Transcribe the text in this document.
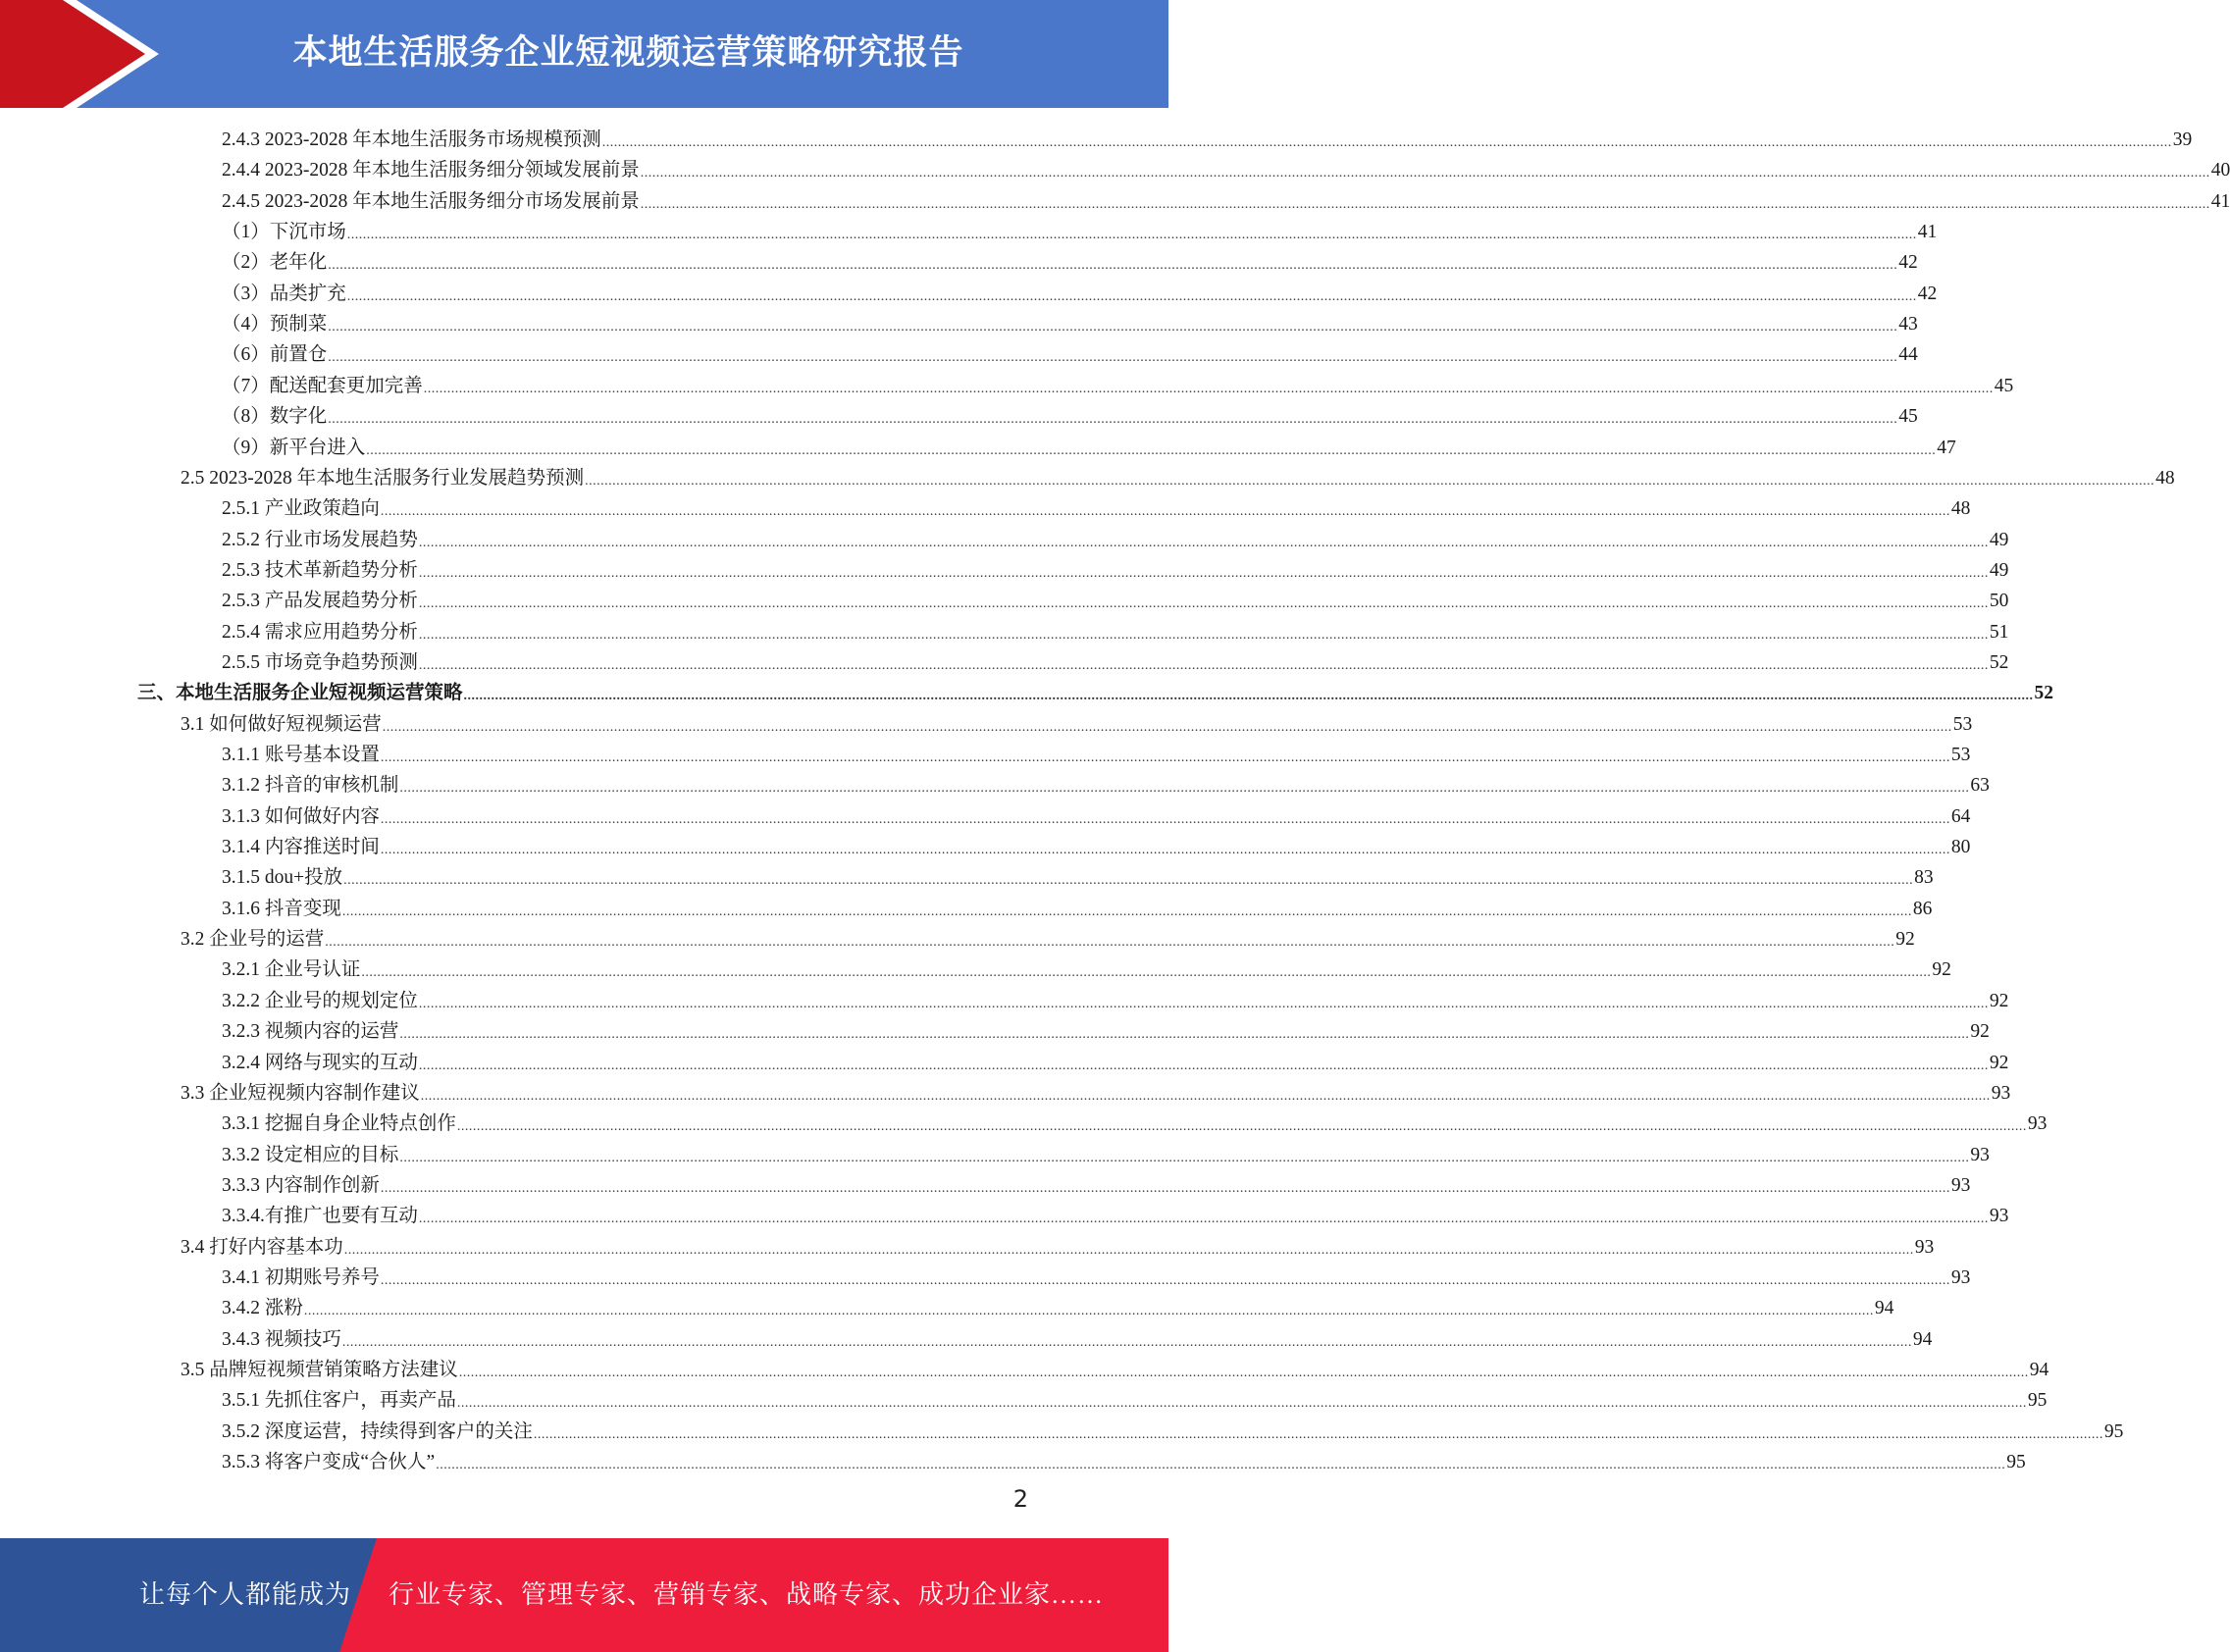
本地生活服务企业短视频运营策略研究报告
2.4.3 2023-2028 年本地生活服务市场规模预测 ................................................................................................................................................................................................................................................................................................................................................................................................................ 39
2.4.4 2023-2028 年本地生活服务细分领域发展前景 ................................................................................................................................................................................................................................................................................................................................................................................................................ 40
2.4.5 2023-2028 年本地生活服务细分市场发展前景 ................................................................................................................................................................................................................................................................................................................................................................................................................ 41
（1）下沉市场 ................................................................................................................................................................................................................................................................................................................................................................................................................ 41
（2）老年化 ................................................................................................................................................................................................................................................................................................................................................................................................................ 42
（3）品类扩充 ................................................................................................................................................................................................................................................................................................................................................................................................................ 42
（4）预制菜 ................................................................................................................................................................................................................................................................................................................................................................................................................ 43
（6）前置仓 ................................................................................................................................................................................................................................................................................................................................................................................................................ 44
（7）配送配套更加完善 ................................................................................................................................................................................................................................................................................................................................................................................................................ 45
（8）数字化 ................................................................................................................................................................................................................................................................................................................................................................................................................ 45
（9）新平台进入 ................................................................................................................................................................................................................................................................................................................................................................................................................ 47
2.5 2023-2028 年本地生活服务行业发展趋势预测 ................................................................................................................................................................................................................................................................................................................................................................................................................ 48
2.5.1 产业政策趋向 ................................................................................................................................................................................................................................................................................................................................................................................................................ 48
2.5.2 行业市场发展趋势 ................................................................................................................................................................................................................................................................................................................................................................................................................ 49
2.5.3 技术革新趋势分析 ................................................................................................................................................................................................................................................................................................................................................................................................................ 49
2.5.3 产品发展趋势分析 ................................................................................................................................................................................................................................................................................................................................................................................................................ 50
2.5.4 需求应用趋势分析 ................................................................................................................................................................................................................................................................................................................................................................................................................ 51
2.5.5 市场竞争趋势预测 ................................................................................................................................................................................................................................................................................................................................................................................................................ 52
三、本地生活服务企业短视频运营策略 ................................................................................................................................................................................................................................................................................................................................................................................................................ 52
3.1 如何做好短视频运营 ................................................................................................................................................................................................................................................................................................................................................................................................................ 53
3.1.1 账号基本设置 ................................................................................................................................................................................................................................................................................................................................................................................................................ 53
3.1.2 抖音的审核机制 ................................................................................................................................................................................................................................................................................................................................................................................................................ 63
3.1.3 如何做好内容 ................................................................................................................................................................................................................................................................................................................................................................................................................ 64
3.1.4 内容推送时间 ................................................................................................................................................................................................................................................................................................................................................................................................................ 80
3.1.5 dou+投放 ................................................................................................................................................................................................................................................................................................................................................................................................................ 83
3.1.6 抖音变现 ................................................................................................................................................................................................................................................................................................................................................................................................................ 86
3.2 企业号的运营 ................................................................................................................................................................................................................................................................................................................................................................................................................ 92
3.2.1 企业号认证 ................................................................................................................................................................................................................................................................................................................................................................................................................ 92
3.2.2 企业号的规划定位 ................................................................................................................................................................................................................................................................................................................................................................................................................ 92
3.2.3 视频内容的运营 ................................................................................................................................................................................................................................................................................................................................................................................................................ 92
3.2.4 网络与现实的互动 ................................................................................................................................................................................................................................................................................................................................................................................................................ 92
3.3 企业短视频内容制作建议 ................................................................................................................................................................................................................................................................................................................................................................................................................ 93
3.3.1 挖掘自身企业特点创作 ................................................................................................................................................................................................................................................................................................................................................................................................................ 93
3.3.2 设定相应的目标 ................................................................................................................................................................................................................................................................................................................................................................................................................ 93
3.3.3 内容制作创新 ................................................................................................................................................................................................................................................................................................................................................................................................................ 93
3.3.4.有推广也要有互动 ................................................................................................................................................................................................................................................................................................................................................................................................................ 93
3.4 打好内容基本功 ................................................................................................................................................................................................................................................................................................................................................................................................................ 93
3.4.1 初期账号养号 ................................................................................................................................................................................................................................................................................................................................................................................................................ 93
3.4.2 涨粉 ................................................................................................................................................................................................................................................................................................................................................................................................................ 94
3.4.3 视频技巧 ................................................................................................................................................................................................................................................................................................................................................................................................................ 94
3.5 品牌短视频营销策略方法建议 ................................................................................................................................................................................................................................................................................................................................................................................................................ 94
3.5.1 先抓住客户，再卖产品 ................................................................................................................................................................................................................................................................................................................................................................................................................ 95
3.5.2 深度运营，持续得到客户的关注 ................................................................................................................................................................................................................................................................................................................................................................................................................ 95
3.5.3 将客户变成“合伙人” ................................................................................................................................................................................................................................................................................................................................................................................................................ 95
2
让每个人都能成为 行业专家、管理专家、营销专家、战略专家、成功企业家……
